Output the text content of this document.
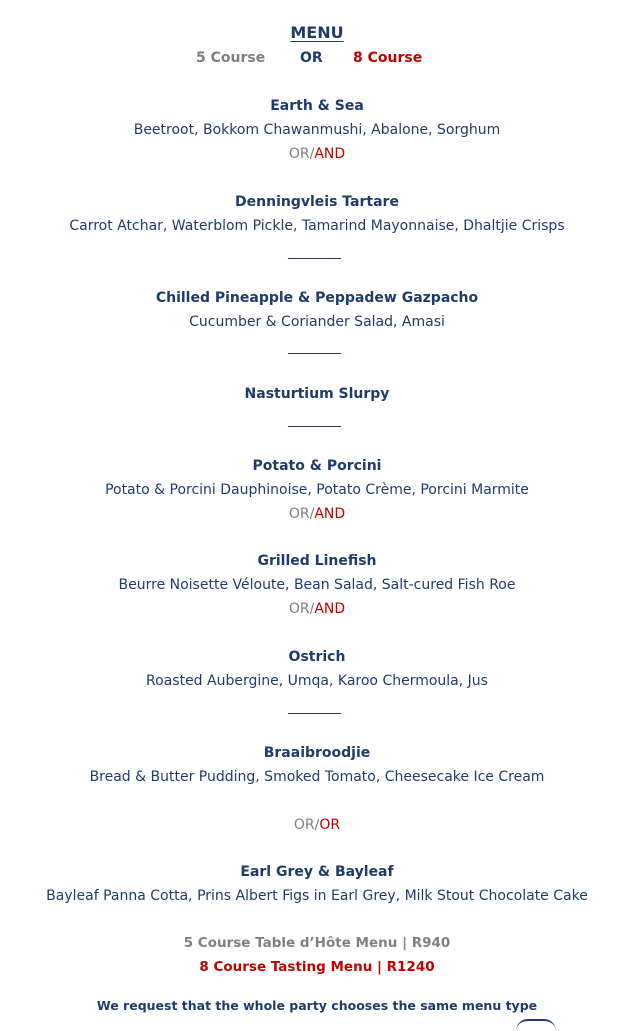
MENU
5 Course OR 8 Course
Earth & Sea
Beetroot, Bokkom Chawanmushi, Abalone, Sorghum
OR/AND
Denningvleis Tartare
Carrot Atchar, Waterblom Pickle, Tamarind Mayonnaise, Dhaltjie Crisps
Chilled Pineapple & Peppadew Gazpacho
Cucumber & Coriander Salad, Amasi
Nasturtium Slurpy
Potato & Porcini
Potato & Porcini Dauphinoise, Potato Crème, Porcini Marmite
OR/AND
Grilled Linefish
Beurre Noisette Véloute, Bean Salad, Salt-cured Fish Roe
OR/AND
Ostrich
Roasted Aubergine, Umqa, Karoo Chermoula, Jus
Braaibroodjie
Bread & Butter Pudding, Smoked Tomato, Cheesecake Ice Cream
OR/OR
Earl Grey & Bayleaf
Bayleaf Panna Cotta, Prins Albert Figs in Earl Grey, Milk Stout Chocolate Cake
5 Course Table d’Hôte Menu | R940
8 Course Tasting Menu | R1240
We request that the whole party chooses the same menu type
